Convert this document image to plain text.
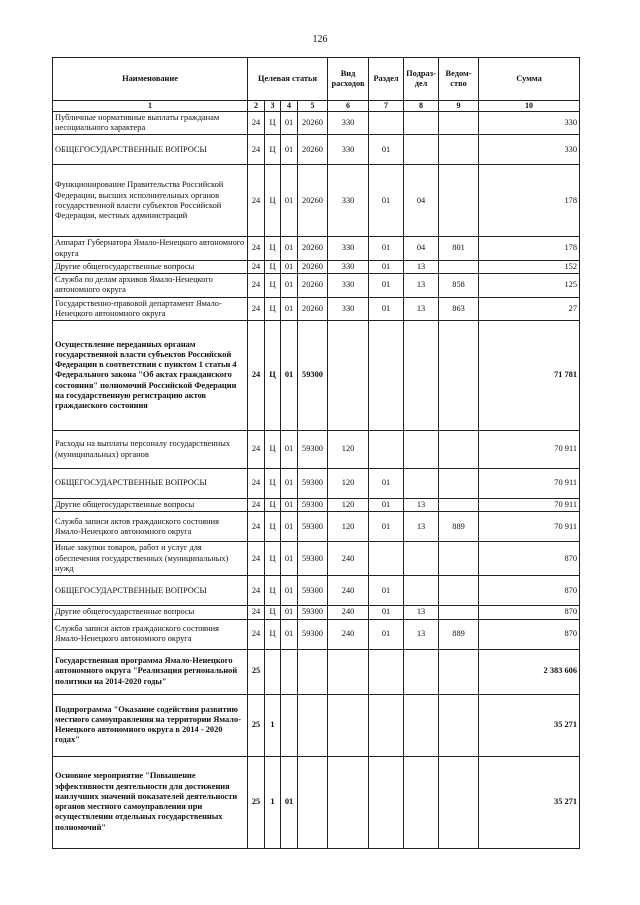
126
Наименование	Целевая статья				Вид расходов	Раздел	Подраз-дел	Ведом-ство	Сумма
1	2	3	4	5	6	7	8	9	10
Публичные нормативные выплаты гражданам несоциального характера	24	Ц	01	20260	330				330
ОБЩЕГОСУДАРСТВЕННЫЕ ВОПРОСЫ	24	Ц	01	20260	330	01			330
Функционирование Правительства Российской Федерации, высших исполнительных органов государственной власти субъектов Российской Федерации, местных администраций	24	Ц	01	20260	330	01	04		178
Аппарат Губернатора Ямало-Ненецкого автономного округа	24	Ц	01	20260	330	01	04	801	178
Другие общегосударственные вопросы	24	Ц	01	20260	330	01	13		152
Служба по делам архивов Ямало-Ненецкого автономного округа	24	Ц	01	20260	330	01	13	858	125
Государственно-правовой департамент Ямало-Ненецкого автономного округа	24	Ц	01	20260	330	01	13	863	27
Осуществление переданных органам государственной власти субъектов Российской Федерации в соответствии с пунктом 1 статьи 4 Федерального закона "Об актах гражданского состояния" полномочий Российской Федерации на государственную регистрацию актов гражданского состояния	24	Ц	01	59300					71 781
Расходы на выплаты персоналу государственных (муниципальных) органов	24	Ц	01	59300	120				70 911
ОБЩЕГОСУДАРСТВЕННЫЕ ВОПРОСЫ	24	Ц	01	59300	120	01			70 911
Другие общегосударственные вопросы	24	Ц	01	59300	120	01	13		70 911
Служба записи актов гражданского состояния Ямало-Ненецкого автономного округа	24	Ц	01	59300	120	01	13	889	70 911
Иные закупки товаров, работ и услуг для обеспечения государственных (муниципальных) нужд	24	Ц	01	59300	240				870
ОБЩЕГОСУДАРСТВЕННЫЕ ВОПРОСЫ	24	Ц	01	59300	240	01			870
Другие общегосударственные вопросы	24	Ц	01	59300	240	01	13		870
Служба записи актов гражданского состояния Ямало-Ненецкого автономного округа	24	Ц	01	59300	240	01	13	889	870
Государственная программа Ямало-Ненецкого автономного округа "Реализация региональной политики на 2014-2020 годы"	25								2 383 606
Подпрограмма "Оказание содействия развитию местного самоуправления на территории Ямало-Ненецкого автономного округа в 2014 - 2020 годах"	25	1							35 271
Основное мероприятие "Повышение эффективности деятельности для достижения наилучших значений показателей деятельности органов местного самоуправления при осуществлении отдельных государственных полномочий"	25	1	01						35 271
